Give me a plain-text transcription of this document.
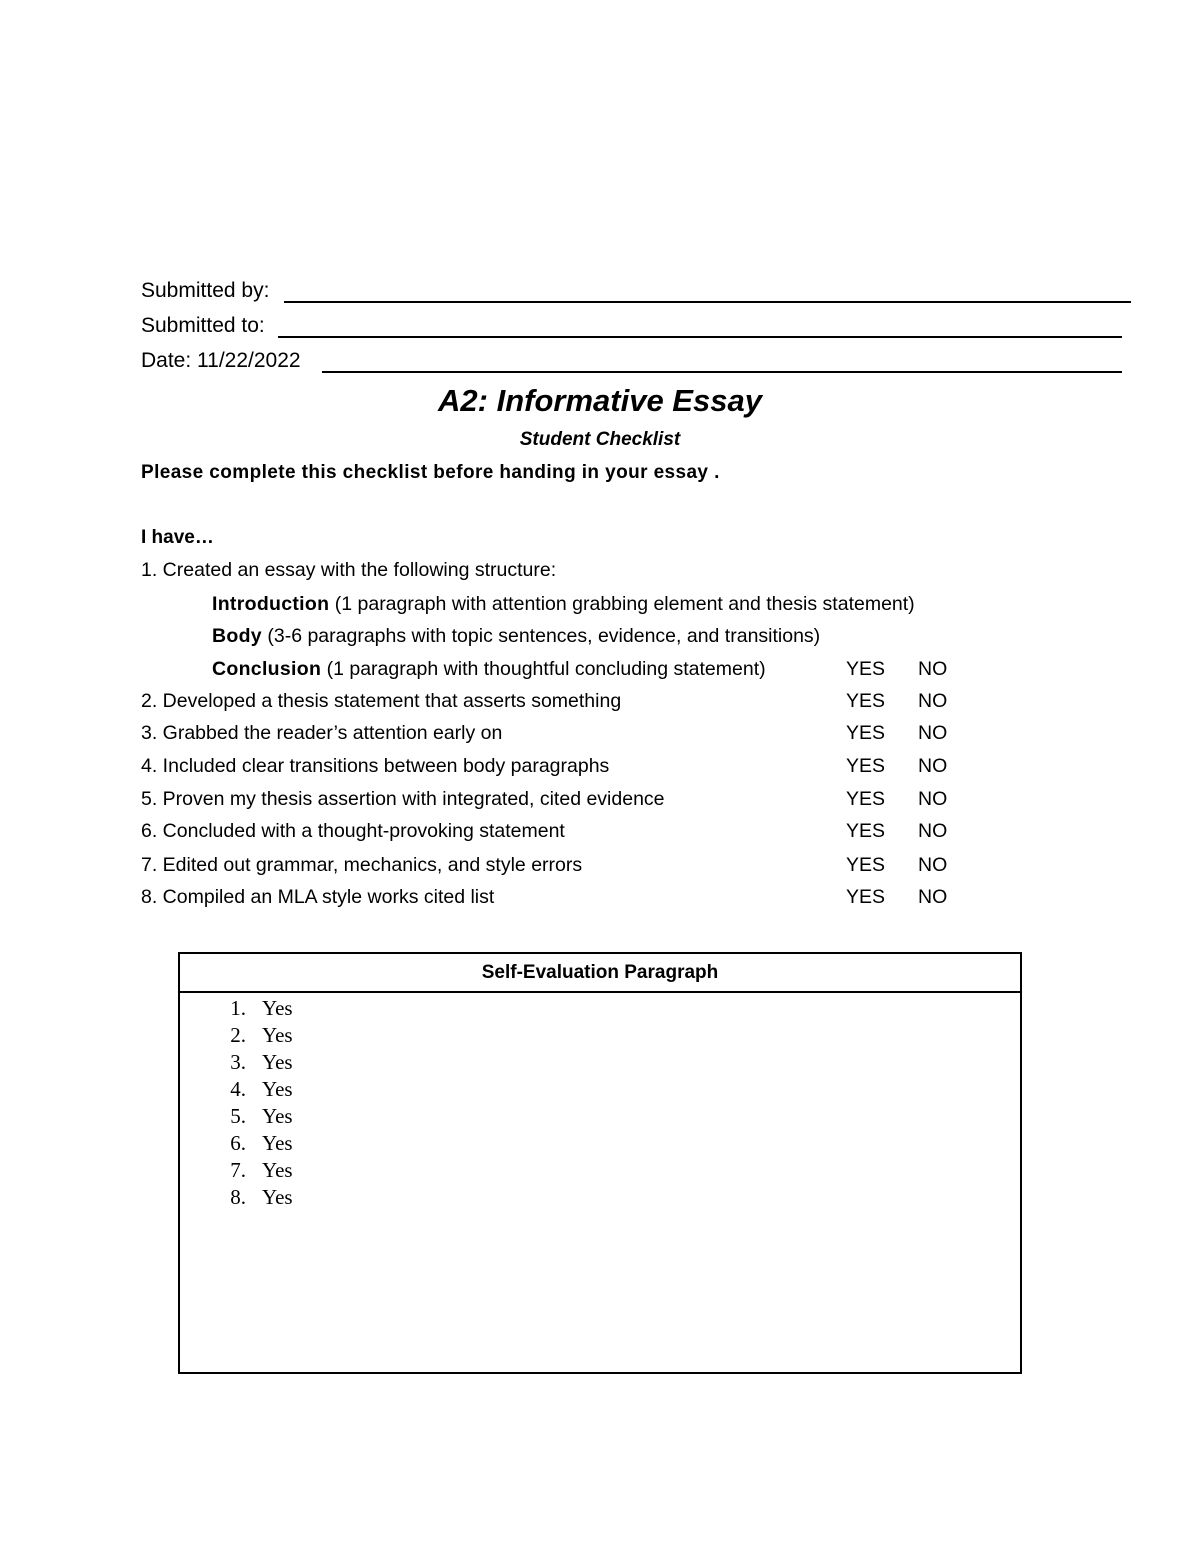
Submitted by:
Submitted to:
Date: 11/22/2022
A2: Informative Essay
Student Checklist
Please complete this checklist before handing in your essay .
I have…
1. Created an essay with the following structure:
Introduction (1 paragraph with attention grabbing element and thesis statement)
Body (3-6 paragraphs with topic sentences, evidence, and transitions)
Conclusion (1 paragraph with thoughtful concluding statement)	YES NO
2. Developed a thesis statement that asserts something	YES NO
3. Grabbed the reader’s attention early on	YES NO
4. Included clear transitions between body paragraphs	YES NO
5. Proven my thesis assertion with integrated, cited evidence	YES NO
6. Concluded with a thought-provoking statement	YES NO
7. Edited out grammar, mechanics, and style errors	YES NO
8. Compiled an MLA style works cited list	YES NO
Self-Evaluation Paragraph
1. Yes
2. Yes
3. Yes
4. Yes
5. Yes
6. Yes
7. Yes
8. Yes
